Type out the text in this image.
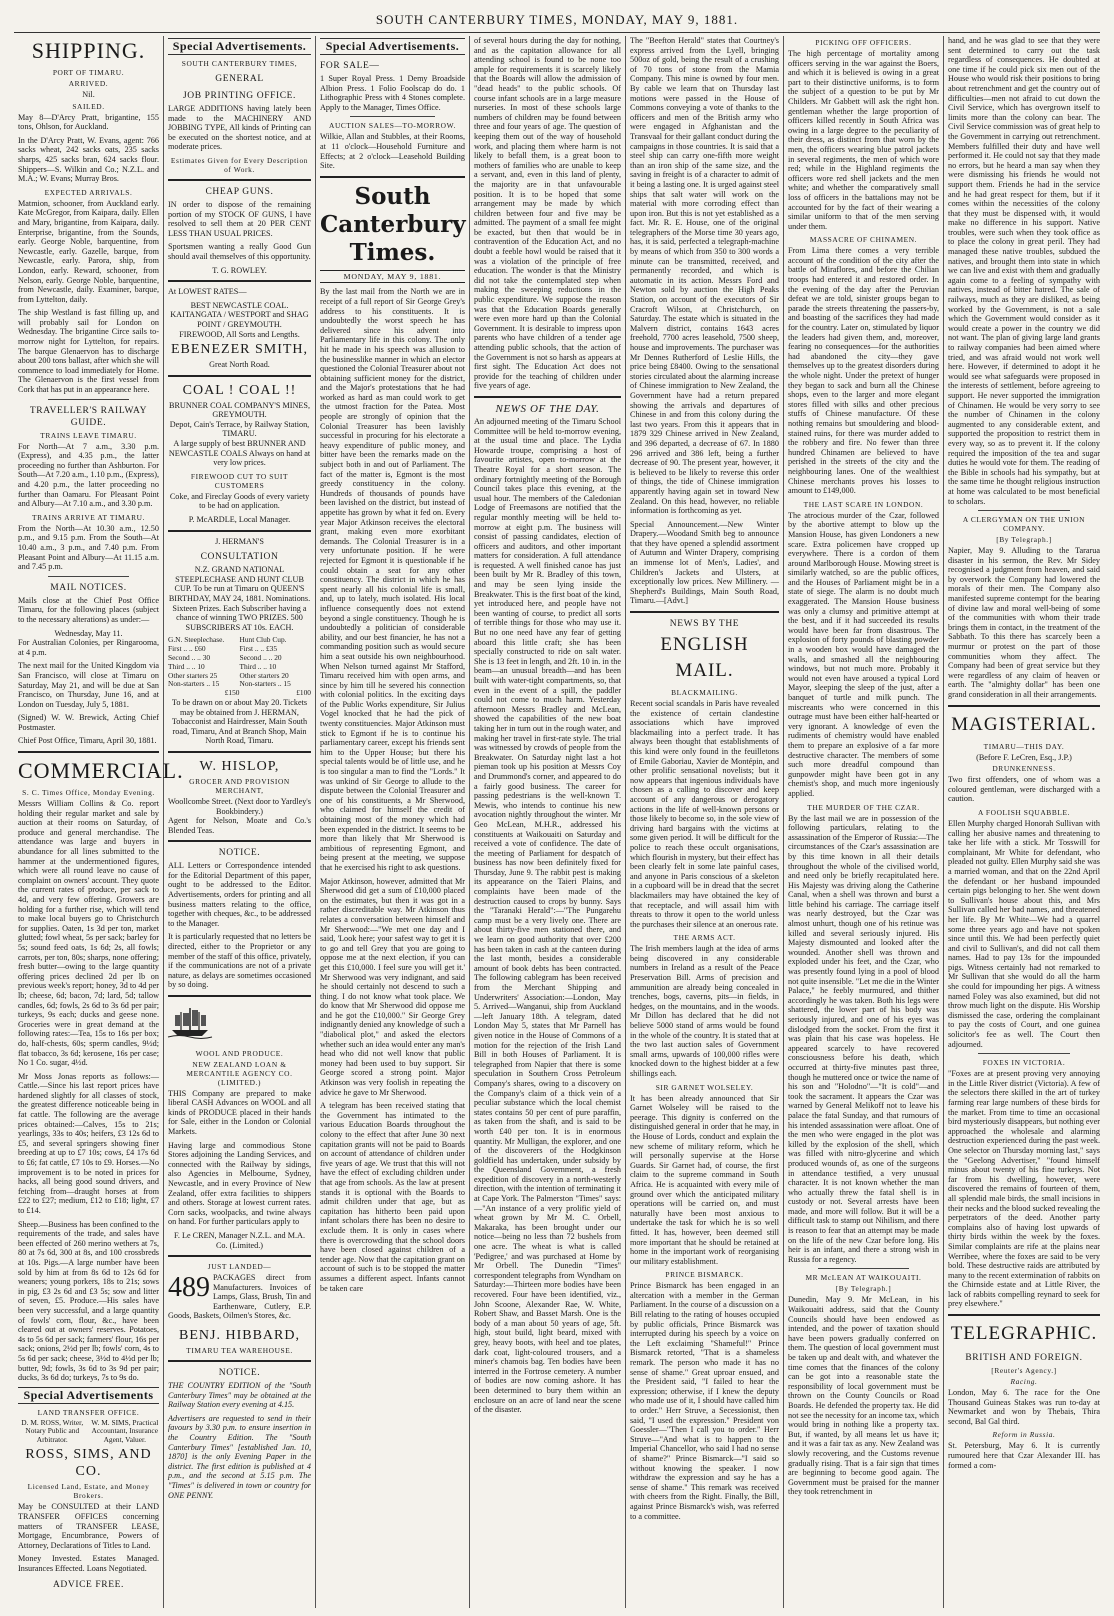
SOUTH CANTERBURY TIMES, MONDAY, MAY 9, 1881.
SHIPPING.
PORT OF TIMARU.
ARRIVED.
Nil.
SAILED.
May 8—D'Arcy Pratt, brigantine, 155 tons, Ohlson, for Auckland.
In the D'Arcy Pratt, W. Evans, agent: 766 sacks wheat, 242 sacks oats, 235 sacks sharps, 425 sacks bran, 624 sacks flour. Shippers—S. Wilkin and Co.; N.Z.L. and M.A.; W. Evans; Murray Bros.
EXPECTED ARRIVALS.
Matmion, schooner, from Auckland early. Kate McGregor, from Kaipara, daily. Ellen and Mary, brigantine, from Kaipara, daily. Enterprise, brigantine, from the Sounds, early. George Noble, barquentine, from Newcastle, early. Gazelle, barque, from Newcastle, early. Parora, ship, from London, early. Reward, schooner, from Nelson, early. George Noble, barquentine, from Newcastle, daily. Examiner, barque, from Lyttelton, daily.
The ship Westland is fast filling up, and will probably sail for London on Wednesday. The brigantine Circe sails to-morrow night for Lyttelton, for repairs. The barque Glenaervon has to discharge about 200 tons ballast, after which she will commence to load immediately for Home. The Glenaervon is the first vessel from Cork that has put in an appearance here.
TRAVELLER'S RAILWAY GUIDE.
TRAINS LEAVE TIMARU.
For North—At 7 a.m., 3.30 p.m. (Express), and 4.35 p.m., the latter proceeding no further than Ashburton. For South—At 7.20 a.m., 1.10 p.m., (Express), and 4.20 p.m., the latter proceeding no further than Oamaru. For Pleasant Point and Albury—At 7.10 a.m., and 3.30 p.m.
TRAINS ARRIVE AT TIMARU.
From the North—At 10.30 a.m., 12.50 p.m., and 9.15 p.m. From the South—At 10.40 a.m., 3 p.m., and 7.40 p.m. From Pleasant Point and Albury—At 11.15 a.m. and 7.45 p.m.
MAIL NOTICES.
Mails close at the Chief Post Office Timaru, for the following places (subject to the necessary alterations) as under:—
Wednesday, May 11.
For Australian Colonies, per Ringarooma, at 4 p.m.
The next mail for the United Kingdom via San Francisco, will close at Timaru on Saturday, May 21, and will be due at San Francisco, on Thursday, June 16, and at London on Tuesday, July 5, 1881.
(Signed) W. W. Brewick, Acting Chief Postmaster.
Chief Post Office, Timaru, April 30, 1881.
COMMERCIAL.
S. C. Times Office, Monday Evening.
Messrs William Collins & Co. report holding their regular market and sale by auction at their rooms on Saturday, of produce and general merchandise. The attendance was large and buyers in abundance for all lines submitted to the hammer at the undermentioned figures, which were all round leave no cause of complaint on owners' account. They quote the current rates of produce, per sack to 4d, and very few offering. Growers are holding for a further rise, which will tend to make local buyers go to Christchurch for supplies. Oaten, 1s 3d per ton, market glutted; fowl wheat, 5s per sack; barley for 5s; sound feed oats, 1s 6d; 2s, all fowls; carrots, per ton, 80s; sharps, none offering; fresh butter—owing to the large quantity offering prices declined 2d per lb on previous week's report; honey, 3d to 4d per lb; cheese, 6d; bacon, 7d; lard, 5d; tallow candles, 6d; fowls, 2s 6d to 3s 6d per pair; turkeys, 9s each; ducks and geese none. Groceries were in great demand at the following rates:—Tea, 15s to 16s per box; do, half-chests, 60s; sperm candles, 9½d; flat tobacco, 3s 6d; kerosene, 16s per case; No 1 Co. sugar, 4½d.
Mr Moss Jonas reports as follows:—Cattle.—Since his last report prices have hardened slightly for all classes of stock, the greatest difference noticeable being in fat cattle. The following are the average prices obtained:—Calves, 15s to 21s; yearlings, 33s to 40s; heifers, £3 12s 6d to £5, and several springers showing finer breeding at up to £7 10s; cows, £4 17s 6d to £6; fat cattle, £7 10s to £9. Horses.—No improvement is to be noted in prices for hacks, all being good sound drivers, and fetching from—draught horses at from £22 to £27; medium, £12 to £18; light, £7 to £14.
Sheep.—Business has been confined to the requirements of the trade, and sales have been effected of 260 merino wethers at 7s, 80 at 7s 6d, 300 at 8s, and 100 crossbreds at 10s. Pigs.—A large number have been sold by him at from 8s 6d to 12s 6d for weaners; young porkers, 18s to 21s; sows in pig, £3 2s 6d and £3 5s; sow and litter of seven, £5. Produce.—His sales have been very successful, and a large quantity of fowls' corn, flour, &c., have been cleared out at owners' reserves. Potatoes, 4s to 5s 6d per sack; farmers' flour, 16s per sack; onions, 2½d per lb; fowls' corn, 4s to 5s 6d per sack; cheese, 3½d to 4½d per lb; butter, 9d; fowls, 3s 6d to 3s 9d per pair; ducks, 3s 6d do; turkeys, 7s to 9s do.
Special Advertisements
LAND TRANSFER OFFICE.
D. M. ROSS, Writer, Notary Public and Arbitrator.
W. M. SIMS, Practical Accountant, Insurance Agent, Valuer.
ROSS, SIMS, AND CO.
Licensed Land, Estate, and Money Brokers.
May be CONSULTED at their LAND TRANSFER OFFICES concerning matters of TRANSFER LEASE, Mortgage, Encumbrance, Powers of Attorney, Declarations of Titles to Land.
Money Invested. Estates Managed. Insurances Effected. Loans Negotiated.
ADVICE FREE.
Special Advertisements.
SOUTH CANTERBURY TIMES,
GENERAL
JOB PRINTING OFFICE.
LARGE ADDITIONS having lately been made to the MACHINERY AND JOBBING TYPE, All kinds of Printing can be executed on the shortest notice, and at moderate prices.
Estimates Given for Every Description of Work.
CHEAP GUNS.
IN order to dispose of the remaining portion of my STOCK OF GUNS, I have resolved to sell them at 20 PER CENT LESS THAN USUAL PRICES.
Sportsmen wanting a really Good Gun should avail themselves of this opportunity.
T. G. ROWLEY.
At LOWEST RATES—
BEST NEWCASTLE COAL. KAITANGATA / WESTPORT and SHAG POINT / GREYMOUTH.
FIREWOOD, All Sorts and Lengths.
EBENEZER SMITH,
Great North Road.
COAL ! COAL !!
BRUNNER COAL COMPANY'S MINES, GREYMOUTH.
Depot, Cain's Terrace, by Railway Station, TIMARU.
A large supply of best BRUNNER AND NEWCASTLE COALS Always on hand at very low prices.
FIREWOOD CUT TO SUIT CUSTOMERS
Coke, and Fireclay Goods of every variety to be had on application.
P. McARDLE, Local Manager.
J. HERMAN'S
CONSULTATION
N.Z. GRAND NATIONAL STEEPLECHASE AND HUNT CLUB CUP. To be run at Timaru on QUEEN'S BIRTHDAY, MAY 24, 1881. Nominations. Sixteen Prizes. Each Subscriber having a chance of winning TWO PRIZES. 500 SUBSCRIBERS AT 10s. EACH.
G.N. Steeplechase.	Hunt Club Cup.
First .. .. £60	First .. .. £35
Second .. .. 30	Second .. .. 20
Third .. .. 10	Third .. .. 10
Other starters 25	Other starters 20
Non-starters .. 15	Non-starters .. 15
£150	£100
To be drawn on or about May 20. Tickets may be obtained from J. HERMAN, Tobacconist and Hairdresser, Main South road, Timaru, And at Branch Shop, Main North Road, Timaru.
W. HISLOP,
GROCER AND PROVISION MERCHANT,
Woollcombe Street. (Next door to Yardley's Bookbindery.)
Agent for Nelson, Moate and Co.'s Blended Teas.
NOTICE.
ALL Letters or Correspondence intended for the Editorial Department of this paper, ought to be addressed to the Editor. Advertisements, orders for printing and all business matters relating to the office, together with cheques, &c., to be addressed to the Manager.
It is particularly requested that no letters be directed, either to the Proprietor or any member of the staff of this office, privately, if the communications are not of a private nature, as delays are sometimes occasioned by so doing.
WOOL AND PRODUCE.
NEW ZEALAND LOAN & MERCANTILE AGENCY CO. (LIMITED.)
THIS Company are prepared to make liberal CASH Advances on WOOL and all kinds of PRODUCE placed in their hands for Sale, either in the London or Colonial Markets.
Having large and commodious Stone Stores adjoining the Landing Services, and connected with the Railway by sidings, also Agencies in Melbourne, Sydney, Newcastle, and in every Province of New Zealand, offer extra facilities to shippers and others. Storage at lowest current rates. Corn sacks, woolpacks, and twine always on hand. For further particulars apply to
F. Le CREN, Manager N.Z.L. and M.A. Co. (Limited.)
JUST LANDED—
489 PACKAGES direct from Manufacturers. Invoices of Lamps, Glass, Brush, Tin and Earthenware, Cutlery, E.P. Goods, Baskets, Oilmen's Stores, &c.
BENJ. HIBBARD,
TIMARU TEA WAREHOUSE.
NOTICE.
THE COUNTRY EDITION of the "South Canterbury Times" may be obtained at the Railway Station every evening at 4.15.
Advertisers are requested to send in their favours by 3.30 p.m. to ensure insertion in the Country Edition. The "South Canterbury Times" [established Jan. 10, 1870] is the only Evening Paper in the district. The first edition is published at 4 p.m., and the second at 5.15 p.m. The "Times" is delivered in town or country for ONE PENNY.
Special Advertisements.
FOR SALE—
1 Super Royal Press. 1 Demy Broadside Albion Press. 1 Folio Foolscap do do. 1 Lithographic Press with 4 Stones complete. Apply to the Manager, Times Office.
AUCTION SALES—TO-MORROW.
Wilkie, Allan and Stubbles, at their Rooms, at 11 o'clock—Household Furniture and Effects; at 2 o'clock—Leasehold Building Site.
South Canterbury Times.
MONDAY, MAY 9, 1881.
By the last mail from the North we are in receipt of a full report of Sir George Grey's address to his constituents. It is undoubtedly the worst speech he has delivered since his advent into Parliamentary life in this colony. The only hit he made in his speech was allusion to the businesslike manner in which an elector questioned the Colonial Treasurer about not obtaining sufficient money for the district, and the Major's protestations that he had worked as hard as man could work to get the utmost fraction for the Patea. Most people are strongly of opinion that the Colonial Treasurer has been lavishly successful in procuring for his electorate a heavy expenditure of public money, and bitter have been the remarks made on the subject both in and out of Parliament. The fact of the matter is, Egmont is the most greedy constituency in the colony. Hundreds of thousands of pounds have been lavished on the district, but instead of appetite has grown by what it fed on. Every year Major Atkinson receives the electoral grant, making even more exorbitant demands. The Colonial Treasurer is in a very unfortunate position. If he were rejected for Egmont it is questionable if he could obtain a seat for any other constituency. The district in which he has spent nearly all his colonial life is small, and, up to lately, much isolated. His local influence consequently does not extend beyond a single constituency. Though he is undoubtedly a politician of considerable ability, and our best financier, he has not a commanding position such as would secure him a seat outside his own neighbourhood. When Nelson turned against Mr Stafford, Timaru received him with open arms, and since by him till he severed his connection with colonial politics. In the exciting days of the Public Works expenditure, Sir Julius Vogel knocked that he had the pick of twenty constituencies. Major Atkinson must stick to Egmont if he is to continue his parliamentary career, except his friends sent him to the Upper House; but there his special talents would be of little use, and he is too singular a man to find the "Lords." It was unkind of Sir George to allude to the dispute between the Colonial Treasurer and one of his constituents, a Mr Sherwood, who claimed for himself the credit of obtaining most of the money which had been expended in the district. It seems to be more than likely that Mr Sherwood is ambitious of representing Egmont, and being present at the meeting, we suppose that he exercised his right to ask questions.
Major Atkinson, however, admitted that Mr Sherwood did get a sum of £10,000 placed on the estimates, but then it was got in a rather discreditable way. Mr Atkinson thus relates a conversation between himself and Mr Sherwood:—"We met one day and I said, 'Look here; your safest way to get it is to go and tell Grey that you are going to oppose me at the next election, if you can get this £10,000. I feel sure you will get it.' Mr Sherwood was very indignant, and said he should certainly not descend to such a thing. I do not know what took place. We do know that Mr Sherwood did oppose me and he got the £10,000." Sir George Grey indignantly denied any knowledge of such a "diabolical plot," and asked the electors whether such an idea would enter any man's head who did not well know that public money had been used to buy support. Sir George scored a strong point. Major Atkinson was very foolish in repeating the advice he gave to Mr Sherwood.
A telegram has been received stating that the Government has intimated to the various Education Boards throughout the colony to the effect that after June 30 next capitation grants will not be paid to Boards on account of attendance of children under five years of age. We trust that this will not have the effect of excluding children under that age from schools. As the law at present stands it is optional with the Boards to admit children under that age, but as capitation has hitherto been paid upon infant scholars there has been no desire to exclude them. It is only in cases where there is overcrowding that the school doors have been closed against children of a tender age. Now that the capitation grant on account of such is to be stopped the matter assumes a different aspect. Infants cannot be taken care
of several hours during the day for nothing, and as the capitation allowance for all attending school is found to be none too ample for requirements it is scarcely likely that the Boards will allow the admission of "dead heads" to the public schools. Of course infant schools are in a large measure nurseries. In most of these schools large numbers of children may be found between three and four years of age. The question of keeping them out of the way of household work, and placing them where harm is not likely to befall them, is a great boon to mothers of families who are unable to keep a servant, and, even in this land of plenty, the majority are in that unfavourable position. It is to be hoped that some arrangement may be made by which children between four and five may be admitted. The payment of a small fee might be exacted, but then that would be in contravention of the Education Act, and no doubt a feeble howl would be raised that it was a violation of the principle of free education. The wonder is that the Ministry did not take the contemplated step when making the sweeping reductions in the public expenditure. We suppose the reason was that the Education Boards generally were even more hard up than the Colonial Government. It is desirable to impress upon parents who have children of a tender age attending public schools, that the action of the Government is not so harsh as appears at first sight. The Education Act does not provide for the teaching of children under five years of age.
NEWS OF THE DAY.
An adjourned meeting of the Timaru School Committee will be held to-morrow evening, at the usual time and place. The Lydia Howarde troupe, comprising a host of favourite artistes, open to-morrow at the Theatre Royal for a short season. The ordinary fortnightly meeting of the Borough Council takes place this evening, at the usual hour. The members of the Caledonian Lodge of Freemasons are notified that the regular monthly meeting will be held to-morrow at eight p.m. The business will consist of passing candidates, election of officers and auditors, and other important matters for consideration. A full attendance is requested. A well finished canoe has just been built by Mr R. Bradley of this town, and may be seen lying inside the Breakwater. This is the first boat of the kind, yet introduced here, and people have not been wanting of course, to predict all sorts of terrible things for those who may use it. But no one need have any fear of getting aboard this little craft; she has been specially constructed to ride on salt water. She is 13 feet in length, and 2ft. 10 in. in the beam—an unusual breadth—and has been built with water-tight compartments, so, that even in the event of a spill, the paddler could not come to much harm. Yesterday afternoon Messrs Bradley and McLean, showed the capabilities of the new boat taking her in turn out in the rough water, and making her travel in first-rate style. The trial was witnessed by crowds of people from the Breakwater. On Saturday night last a hot pieman took up his position at Messrs Coy and Drummond's corner, and appeared to do a fairly good business. The career for passing pedestrians is the well-known T. Mewis, who intends to continue his new avocation nightly throughout the winter. Mr Geo McLean, M.H.R., addressed his constituents at Waikouaiti on Saturday and received a vote of confidence. The date of the meeting of Parliament for despatch of business has now been definitely fixed for Thursday, June 9. The rabbit pest is making its appearance on the Taieri Plains, and complaints have been made of the destruction caused to crops by bunny. Says the "Taranaki Herald":—"The Pungarehu camp must be a very lively one. There are about thirty-five men stationed there, and we learn on good authority that over £200 has been taken in cash at the canteen during the last month, besides a considerable amount of book debts has been contracted. The following cablegram has been received from the Merchant Shipping and Underwriters' Association:—London, May 5. Arrived—Wanganui, ship from Auckland—left January 18th. A telegram, dated London May 5, states that Mr Parnell has given notice in the House of Commons of a motion for the rejection of the Irish Land Bill in both Houses of Parliament. It is telegraphed from Napier that there is some speculation in Southern Cross Petroleum Company's shares, owing to a discovery on the Company's claim of a thick vein of a peculiar substance which the local chemist states contains 50 per cent of pure paraffin, as taken from the shaft, and is said to be worth £40 per ton. It is in enormous quantity. Mr Mulligan, the explorer, and one of the discoverers of the Hodgkinson goldfield has undertaken, under subsidy by the Queensland Government, a fresh expedition of discovery in a north-westerly direction, with the intention of terminating it at Cape York. The Palmerston "Times" says:—"An instance of a very prolific yield of wheat grown by Mr M. C. Orbell, Makaraka, has been brought under our notice—being no less than 72 bushels from one acre. The wheat is what is called 'Pedigree,' and was purchased at Home by Mr Orbell. The Dunedin "Times" correspondent telegraphs from Wyndham on Saturday:—Thirteen more bodies have been recovered. Four have been identified, viz., John Scoone, Alexander Rae, W. White, Robert Shaw, and Basset Marsh. One is the body of a man about 50 years of age, 5ft. high, stout build, light beard, mixed with grey, heavy boots, with heel and toe plates, dark coat, light-coloured trousers, and a miner's chamois bag. Ten bodies have been interred in the Fortrose cemetery. A number of bodies are now coming ashore. It has been determined to bury them within an enclosure on an acre of land near the scene of the disaster.
The "Beefton Herald" states that Courtney's express arrived from the Lyell, bringing 500oz of gold, being the result of a crushing of 70 tons of stone from the Mamia Company. This mine is owned by four men. By cable we learn that on Thursday last motions were passed in the House of Commons conveying a vote of thanks to the officers and men of the British army who were engaged in Afghanistan and the Transvaal for their gallant conduct during the campaigns in those countries. It is said that a steel ship can carry one-fifth more weight than an iron ship of the same size, and the saving in freight is of a character to admit of it being a lasting one. It is urged against steel ships that salt water will work on the material with more corroding effect than upon iron. But this is not yet established as a fact. Mr. R. E. House, one of the original telegraphers of the Morse time 30 years ago, has, it is said, perfected a telegraph-machine by means of which from 350 to 300 words a minute can be transmitted, received, and permanently recorded, and which is automatic in its action. Messrs Ford and Newton sold by auction the High Peaks Station, on account of the executors of Sir Cracroft Wilson, at Christchurch, on Saturday. The estate which is situated in the Malvern district, contains 1643 acres freehold, 7700 acres leasehold, 7500 sheep, house and improvements. The purchaser was Mr Dennes Rutherford of Leslie Hills, the price being £8400. Owing to the sensational stories circulated about the alarming increase of Chinese immigration to New Zealand, the Government have had a return prepared showing the arrivals and departures of Chinese in and from this colony during the last two years. From this it appears that in 1879 329 Chinese arrived in New Zealand, and 396 departed, a decrease of 67. In 1880 296 arrived and 386 left, being a further decrease of 90. The present year, however, it is believed to be likely to reverse this order of things, the tide of Chinese immigration apparently having again set in toward New Zealand. On this head, however, no reliable information is forthcoming as yet.
Special Announcement.—New Winter Drapery.—Woodand Smith beg to announce that they have opened a splendid assortment of Autumn and Winter Drapery, comprising an immense lot of Men's, Ladies', and Children's Jackets and Ulsters, at exceptionally low prices. New Millinery. —Shepherd's Buildings, Main South Road, Timaru.—[Advt.]
NEWS BY THE
ENGLISH MAIL.
BLACKMAILING.
Recent social scandals in Paris have revealed the existence of certain clandestine associations which have improved blackmailing into a perfect trade. It has always been thought that establishments of this kind were only found in the feuilletons of Emile Gaboriau, Xavier de Montépin, and other prolific sensational novelists; but it now appears that ingenious individuals have chosen as a calling to discover and keep account of any dangerous or derogatory actions in the life of well-known persons or those likely to become so, in the sole view of driving hard bargains with the victims at some given period. It will be difficult for the police to reach these occult organisations, which flourish in mystery, but their effect has been clearly felt in some late painful cases, and anyone in Paris conscious of a skeleton in a cupboard will be in dread that the secret blackmailers may have obtained the key of that receptacle, and will assail him with threats to throw it open to the world unless the purchases their silence at an onerous rate.
THE ARMS ACT.
The Irish members laugh at the idea of arms being discovered in any considerable numbers in Ireland as a result of the Peace Preservation Bill. Arms of precision and ammunition are already being concealed in trenches, bogs, caverns, pits—in fields, in hedges, on the mountains, and in the woods. Mr Dillon has declared that he did not believe 5000 stand of arms would be found in the whole of the country. It is stated that at the two last auction sales of Government small arms, upwards of 100,000 rifles were knocked down to the highest bidder at a few shillings each.
SIR GARNET WOLSELEY.
It has been already announced that Sir Garnet Wolseley will be raised to the peerage. This dignity is conferred on the distinguished general in order that he may, in the House of Lords, conduct and explain the new scheme of military reform, which he will personally supervise at the Horse Guards. Sir Garnet had, of course, the first claim to the supreme command in South Africa. He is acquainted with every mile of ground over which the anticipated military operations will be carried on, and must naturally have been most anxious to undertake the task for which he is so well fitted. It has, however, been deemed still more important that he should be retained at home in the important work of reorganising our military establishment.
PRINCE BISMARCK.
Prince Bismarck has been engaged in an altercation with a member in the German Parliament. In the course of a discussion on a Bill relating to the rating of houses occupied by public officials, Prince Bismarck was interrupted during his speech by a voice on the Left exclaiming "Shameful!" Prince Bismarck retorted, "That is a shameless remark. The person who made it has no sense of shame." Great uproar ensued, and the President said, "I failed to hear the expression; otherwise, if I knew the deputy who made use of it, I should have called him to order." Herr Struve, a Secessionist, then said, "I used the expression." President von Goessler—"Then I call you to order." Herr Struve—"And what is to happen to the Imperial Chancellor, who said I had no sense of shame?" Prince Bismarck—"I said so without knowing the speaker. I now withdraw the expression and say he has a sense of shame." This remark was received with cheers from the Right. Finally, the Bill, against Prince Bismarck's wish, was referred to a committee.
PICKING OFF OFFICERS.
The high percentage of mortality among officers serving in the war against the Boers, and which it is believed is owing in a great part to their distinctive uniforms, is to form the subject of a question to be put by Mr Childers. Mr Gabbett will ask the right hon. gentleman whether the large proportion of officers killed recently in South Africa was owing in a large degree to the peculiarity of their dress, as distinct from that worn by the men, the officers wearing blue patrol jackets in several regiments, the men of which wore red; while in the Highland regiments the officers wore red shell jackets and the men white; and whether the comparatively small loss of officers in the battalions may not be accounted for by the fact of their wearing a similar uniform to that of the men serving under them.
MASSACRE OF CHINAMEN.
From Lima there comes a very terrible account of the condition of the city after the battle of Miraflores, and before the Chilian troops had entered it and restored order. In the evening of the day after the Peruvian defeat we are told, sinister groups began to parade the streets threatening the passers-by, and boasting of the sacrifices they had made for the country. Later on, stimulated by liquor the leaders had given them, and, moreover, fearing no consequences—for the authorities had abandoned the city—they gave themselves up to the greatest disorders during the whole night. Under the pretext of hunger they began to sack and burn all the Chinese shops, even to the larger and more elegant stores filled with silks and other precious stuffs of Chinese manufacture. Of these nothing remains but smouldering and blood-stained ruins, for there was murder added to the robbery and fire. No fewer than three hundred Chinamen are believed to have perished in the streets of the city and the neighbouring lanes. One of the wealthiest Chinese merchants proves his losses to amount to £149,000.
THE LAST SCARE IN LONDON.
The atrocious murder of the Czar, followed by the abortive attempt to blow up the Mansion House, has given Londoners a new scare. Extra policemen have cropped up everywhere. There is a cordon of them around Marlborough House. Mowing street is similarly watched, so are the public offices, and the Houses of Parliament might be in a state of siege. The alarm is no doubt much exaggerated. The Mansion House business was only a clumsy and primitive attempt at the best, and if it had succeeded its results would have been far from disastrous. The explosion of forty pounds of blasting powder in a wooden box would have damaged the walls, and smashed all the neighbouring windows, but not much more. Probably it would not even have aroused a typical Lord Mayor, sleeping the sleep of the just, after a banquet of turtle and milk punch. The miscreants who were concerned in this outrage must have been either half-hearted or very ignorant. A knowledge of even the rudiments of chemistry would have enabled them to prepare an explosive of a far more destructive character. The members of some such more dreadful compound than gunpowder might have been got in any chemist's shop, and much more ingeniously applied.
THE MURDER OF THE CZAR.
By the last mail we are in possession of the following particulars, relating to the assassination of the Emperor of Russia:—The circumstances of the Czar's assassination are by this time known in all their details throughout the whole of the civilised world, and need only be briefly recapitulated here. His Majesty was driving along the Catherine Canal, when a shell was thrown and burst a little behind his carriage. The carriage itself was nearly destroyed, but the Czar was almost unhurt, though one of his retinue was killed and several seriously injured. His Majesty dismounted and looked after the wounded. Another shell was thrown and exploded under his feet, and the Czar, who was presently found lying in a pool of blood not quite insensible. "Let me die in the Winter Palace," he feebly murmured, and thither accordingly he was taken. Both his legs were shattered, the lower part of his body was seriously injured, and one of his eyes was dislodged from the socket. From the first it was plain that his case was hopeless. He appeared scarcely to have recovered consciousness before his death, which occurred at thirty-five minutes past three, though he muttered once or twice the name of his son and "Holodno"—"It is cold"—and took the sacrament. It appears the Czar was warned by General Melikoff not to leave his palace the fatal Sunday, and that rumours of his intended assassination were afloat. One of the men who were engaged in the plot was killed by the explosion of the shell, which was filled with nitro-glycerine and which produced wounds of, as one of the surgeons in attendance testified, a very unusual character. It is not known whether the man who actually threw the fatal shell is in custody or not. Several arrests have been made, and more will follow. But it will be a difficult task to stamp out Nihilism, and there is reason to fear that an attempt may be made on the life of the new Czar before long. His heir is an infant, and there a strong wish in Russia for a regency.
MR McLEAN AT WAIKOUAITI.
[By Telegraph.]
Dunedin, May 9. Mr McLean, in his Waikouaiti address, said that the County Councils should have been endowed as intended, and the power of taxation should have been powers gradually conferred on them. The question of local government must be taken up and dealt with, and whatever the time comes that the finances of the colony can be got into a reasonable state the responsibility of local government must be thrown on the County Councils or Road Boards. He defended the property tax. He did not see the necessity for an income tax, which would bring in nothing like a property tax. But, if wanted, by all means let us have it; and it was a fair tax as any. New Zealand was slowly recovering, and the Customs revenue gradually rising. That is a fair sign that times are beginning to become good again. The Government must be praised for the manner they took retrenchment in
hand, and he was glad to see that they were sent determined to carry out the task regardless of consequences. He doubted at one time if he could pick six men out of the House who would risk their positions to bring about retrenchment and get the country out of difficulties—men not afraid to cut down the Civil Service, which has overgrown itself to limits more than the colony can bear. The Civil Service commission was of great help to the Government in carrying out retrenchment. Members fulfilled their duty and have well performed it. He could not say that they made no errors, but he heard a man say when they were dismissing his friends he would not support them. Friends he had in the service and he had great respect for them, but if it comes within the necessities of the colony that they must be dispensed with, it would make no difference in his support. Native troubles, were such when they took office as to place the colony in great peril. They had managed these native troubles, subdued the natives, and brought them into state in which we can live and exist with them and gradually again come to a feeling of sympathy with natives, instead of bitter hatred. The sale of railways, much as they are disliked, as being worked by the Government, is not a sale which the Government would consider as it would create a power in the country we did not want. The plan of giving large land grants to railway companies had been aimed where tried, and was afraid would not work well here. However, if determined to adopt it he would see what safeguards were proposed in the interests of settlement, before agreeing to support. He never supported the immigration of Chinamen. He would be very sorry to see the number of Chinamen in the colony augmented to any considerable extent, and supported the proposition to restrict them in every way, so as to prevent it. If the colony required the imposition of the tea and sugar duties he would vote for them. The reading of the Bible in schools had his sympathy, but at the same time he thought religious instruction at home was calculated to be most beneficial to scholars.
A CLERGYMAN ON THE UNION COMPANY.
[By Telegraph.]
Napier, May 9. Alluding to the Tararua disaster in his sermon, the Rev. Mr Sidey recognised a judgment from heaven, and said by overwork the Company had lowered the morals of their men. The Company also manifested supreme contempt for the bearing of divine law and moral well-being of some of the communities with whom their trade brings them in contact, in the treatment of the Sabbath. To this there has scarcely been a murmur or protest on the part of those communities whom they affect. The Company had been of great service but they were regardless of any claim of heaven or earth. The "almighty dollar" has been one grand consideration in all their arrangements.
MAGISTERIAL.
TIMARU—THIS DAY.
(Before F. LeCren, Esq., J.P.)
DRUNKENNESS.
Two first offenders, one of whom was a coloured gentleman, were discharged with a caution.
A FOOLISH SQUABBLE.
Ellen Murphy charged Honorah Sullivan with calling her abusive names and threatening to take her life with a stick. Mr Tosswill for complainant, Mr White for defendant, who pleaded not guilty. Ellen Murphy said she was a married woman, and that on the 22nd April the defendant or her husband impounded certain pigs belonging to her. She went down to Sullivan's house about this, and Mrs Sullivan called her bad names, and threatened her life. By Mr White—We had a quarrel some three years ago and have not spoken since until this. We had been perfectly quiet and civil to Sullivan's, and did not call them names. Had to pay 13s for the impounded pigs. Witness certainly had not remarked to Mr Sullivan that she would do all the harm she could for impounding her pigs. A witness named Foley was also examined, but did not throw much light on the dispute. His Worship dismissed the case, ordering the complainant to pay the costs of Court, and one guinea solicitor's fee as well. The Court then adjourned.
FOXES IN VICTORIA.
"Foxes are at present proving very annoying in the Little River district (Victoria). A few of the selectors there skilled in the art of turkey farming rear large numbers of these birds for the market. From time to time an occasional bird mysteriously disappears, but nothing ever approached the wholesale and alarming destruction experienced during the past week. One selector on Thursday morning last," says the "Geelong Advertiser," "found himself minus about twenty of his fine turkeys. Not far from his dwelling, however, were discovered the remains of fourteen of them, all splendid male birds, the small incisions in their necks and the blood sucked revealing the perpetrators of the deed. Another party complains also of having lost upwards of thirty birds within the week by the foxes. Similar complaints are rife at the plains near Werribee, where the foxes are said to be very bold. These destructive raids are attributed by many to the recent extermination of rabbits on the Chirnside estate and at Little River, the lack of rabbits compelling reynard to seek for prey elsewhere."
TELEGRAPHIC.
BRITISH AND FOREIGN.
[Reuter's Agency.]
Racing.
London, May 6. The race for the One Thousand Guineas Stakes was run to-day at Newmarket and won by Thebais, Thira second, Bal Gal third.
Reform in Russia.
St. Petersburg, May 6. It is currently rumoured here that Czar Alexander III. has formed a com-
